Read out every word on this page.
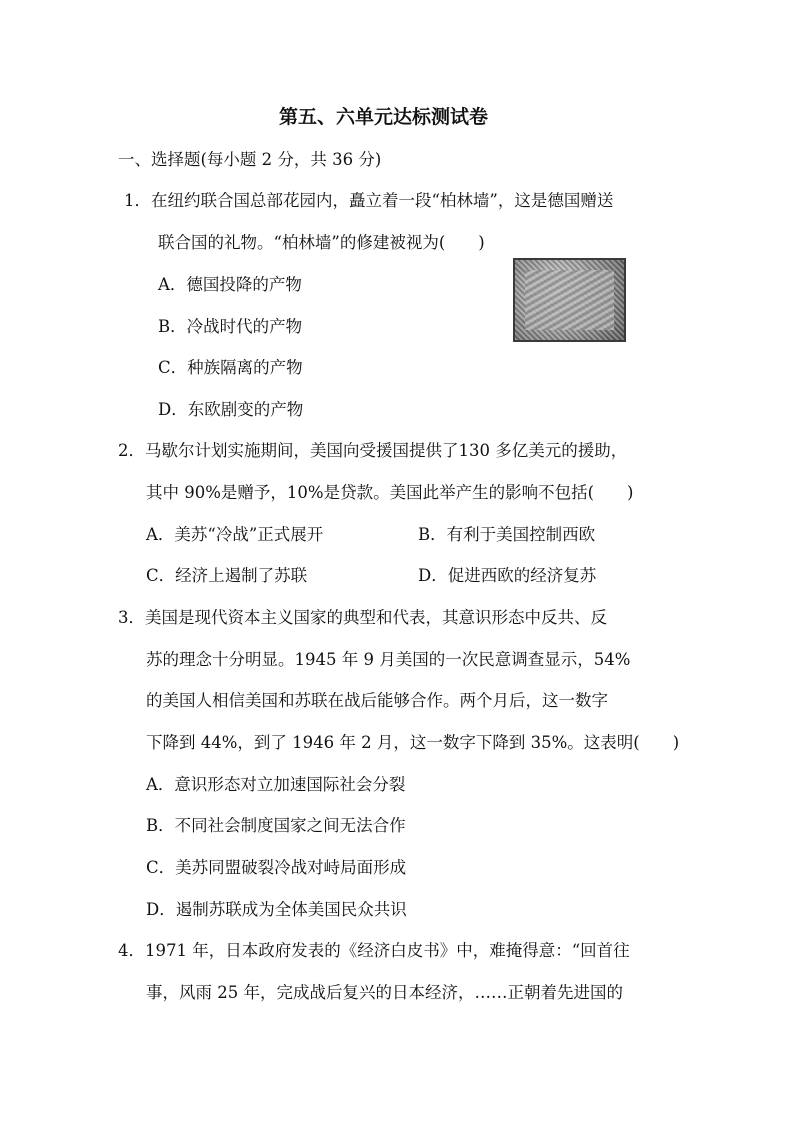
第五、六单元达标测试卷
一、选择题(每小题 2 分，共 36 分)
1．在纽约联合国总部花园内，矗立着一段“柏林墙”，这是德国赠送
联合国的礼物。“柏林墙”的修建被视为(　　)
A．德国投降的产物
B．冷战时代的产物
C．种族隔离的产物
D．东欧剧变的产物
2．马歇尔计划实施期间，美国向受援国提供了130 多亿美元的援助，
其中 90%是赠予，10%是贷款。美国此举产生的影响不包括(　　)
A．美苏“冷战”正式展开	B．有利于美国控制西欧
C．经济上遏制了苏联	D．促进西欧的经济复苏
3．美国是现代资本主义国家的典型和代表，其意识形态中反共、反
苏的理念十分明显。1945 年 9 月美国的一次民意调查显示，54%
的美国人相信美国和苏联在战后能够合作。两个月后，这一数字
下降到 44%，到了 1946 年 2 月，这一数字下降到 35%。这表明(　　)
A．意识形态对立加速国际社会分裂
B．不同社会制度国家之间无法合作
C．美苏同盟破裂冷战对峙局面形成
D．遏制苏联成为全体美国民众共识
4．1971 年，日本政府发表的《经济白皮书》中，难掩得意：“回首往
事，风雨 25 年，完成战后复兴的日本经济，……正朝着先进国的
